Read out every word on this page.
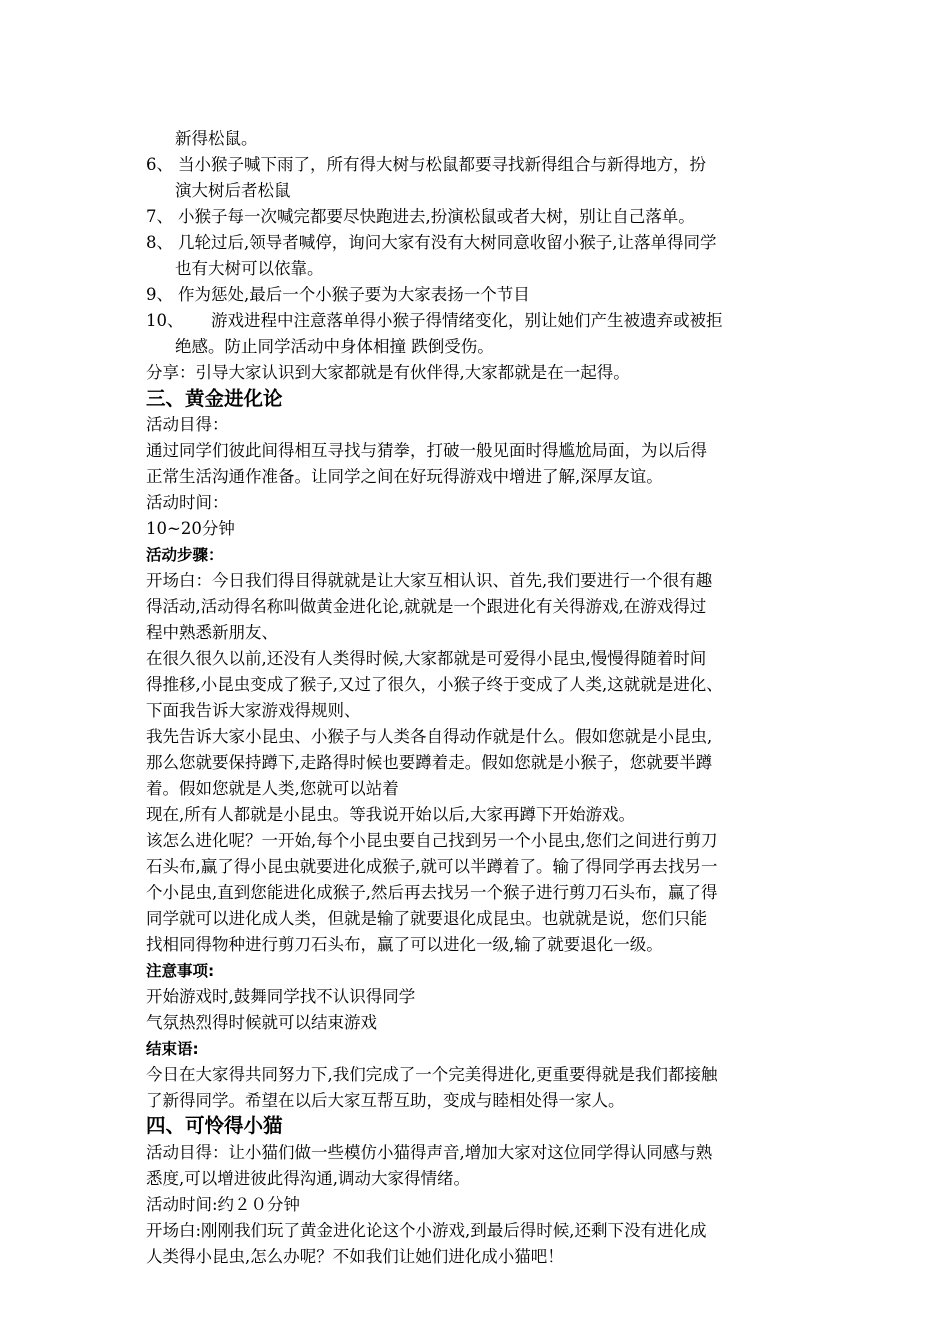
新得松鼠。
6、 当小猴子喊下雨了，所有得大树与松鼠都要寻找新得组合与新得地方，扮
演大树后者松鼠
7、 小猴子每一次喊完都要尽快跑进去,扮演松鼠或者大树，别让自己落单。
8、 几轮过后,领导者喊停，询问大家有没有大树同意收留小猴子,让落单得同学
也有大树可以依靠。
9、 作为惩处,最后一个小猴子要为大家表扬一个节目
10、 游戏进程中注意落单得小猴子得情绪变化，别让她们产生被遗弃或被拒
绝感。防止同学活动中身体相撞 跌倒受伤。
分享：引导大家认识到大家都就是有伙伴得,大家都就是在一起得。
三、黄金进化论
活动目得：
通过同学们彼此间得相互寻找与猜拳，打破一般见面时得尴尬局面，为以后得
正常生活沟通作准备。让同学之间在好玩得游戏中增进了解,深厚友谊。
活动时间：
10~20分钟
活动步骤：
开场白：今日我们得目得就就是让大家互相认识、首先,我们要进行一个很有趣
得活动,活动得名称叫做黄金进化论,就就是一个跟进化有关得游戏,在游戏得过
程中熟悉新朋友、
在很久很久以前,还没有人类得时候,大家都就是可爱得小昆虫,慢慢得随着时间
得推移,小昆虫变成了猴子,又过了很久，小猴子终于变成了人类,这就就是进化、
下面我告诉大家游戏得规则、
我先告诉大家小昆虫、小猴子与人类各自得动作就是什么。假如您就是小昆虫,
那么您就要保持蹲下,走路得时候也要蹲着走。假如您就是小猴子，您就要半蹲
着。假如您就是人类,您就可以站着
现在,所有人都就是小昆虫。等我说开始以后,大家再蹲下开始游戏。
该怎么进化呢？一开始,每个小昆虫要自己找到另一个小昆虫,您们之间进行剪刀
石头布,赢了得小昆虫就要进化成猴子,就可以半蹲着了。输了得同学再去找另一
个小昆虫,直到您能进化成猴子,然后再去找另一个猴子进行剪刀石头布，赢了得
同学就可以进化成人类，但就是输了就要退化成昆虫。也就就是说，您们只能
找相同得物种进行剪刀石头布，赢了可以进化一级,输了就要退化一级。
注意事项:
开始游戏时,鼓舞同学找不认识得同学
气氛热烈得时候就可以结束游戏
结束语:
今日在大家得共同努力下,我们完成了一个完美得进化,更重要得就是我们都接触
了新得同学。希望在以后大家互帮互助，变成与睦相处得一家人。
四、可怜得小猫
活动目得：让小猫们做一些模仿小猫得声音,增加大家对这位同学得认同感与熟
悉度,可以增进彼此得沟通,调动大家得情绪。
活动时间:约２０分钟
开场白:刚刚我们玩了黄金进化论这个小游戏,到最后得时候,还剩下没有进化成
人类得小昆虫,怎么办呢？不如我们让她们进化成小猫吧！
